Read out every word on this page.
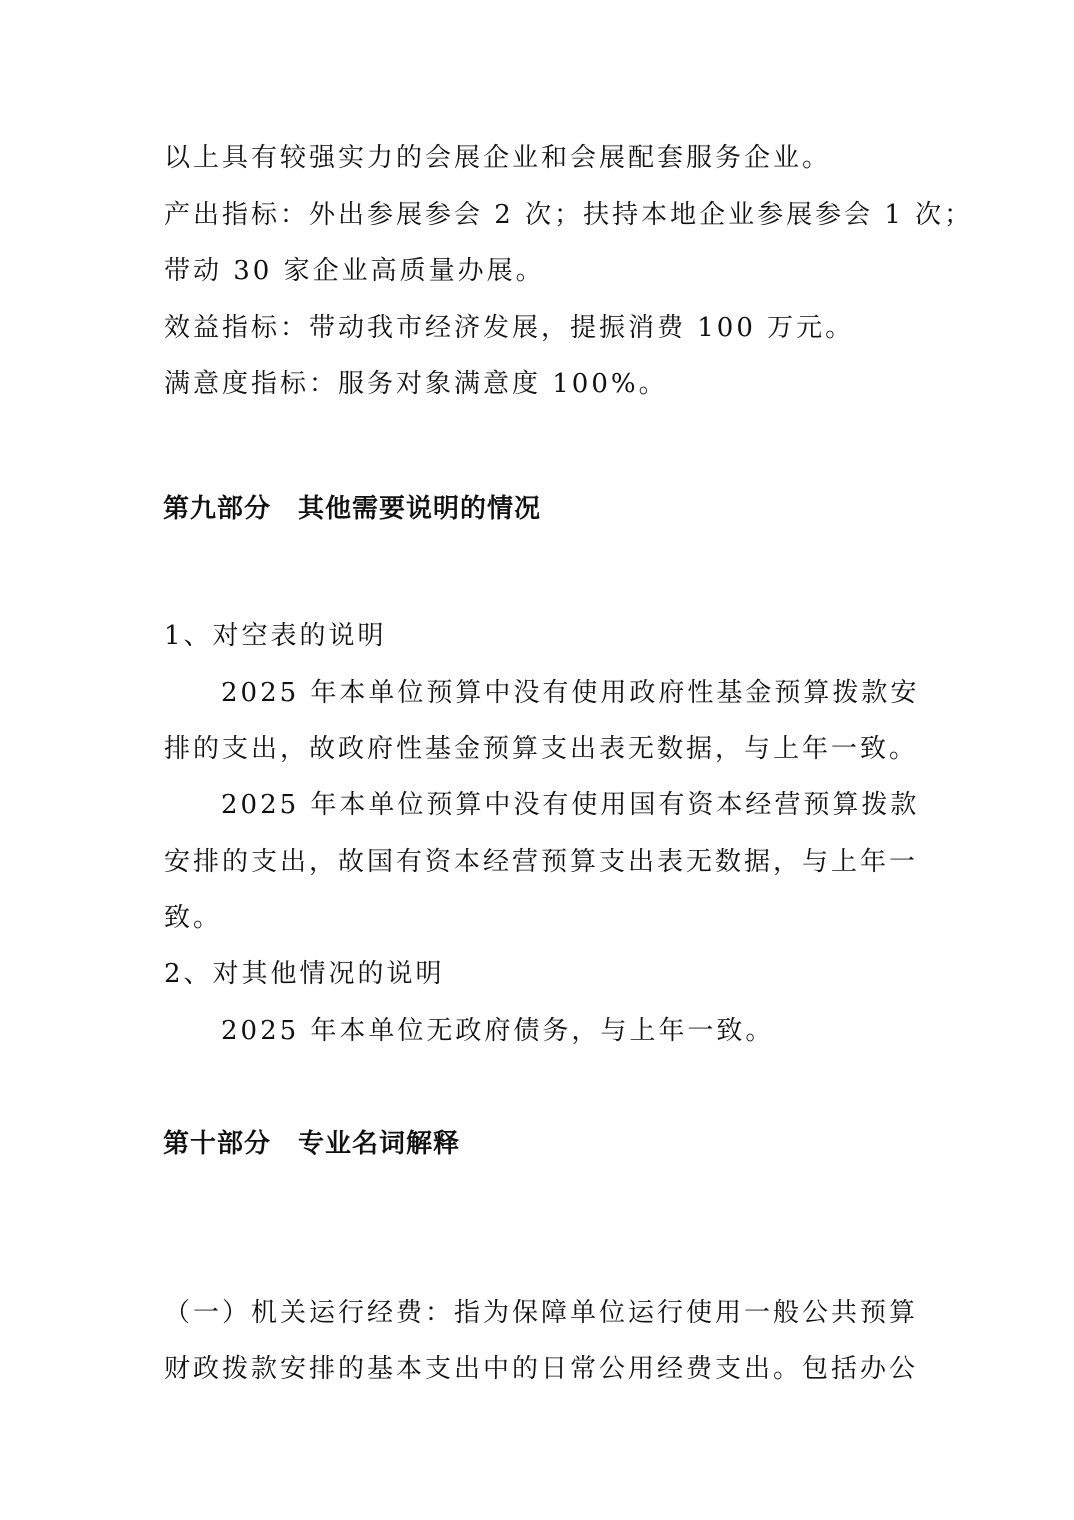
以上具有较强实力的会展企业和会展配套服务企业。
产出指标：外出参展参会 2 次；扶持本地企业参展参会 1 次；
带动 30 家企业高质量办展。
效益指标：带动我市经济发展，提振消费 100 万元。
满意度指标：服务对象满意度 100%。
第九部分　其他需要说明的情况
1、对空表的说明
2025 年本单位预算中没有使用政府性基金预算拨款安
排的支出，故政府性基金预算支出表无数据，与上年一致。
2025 年本单位预算中没有使用国有资本经营预算拨款
安排的支出，故国有资本经营预算支出表无数据，与上年一
致。
2、对其他情况的说明
2025 年本单位无政府债务，与上年一致。
第十部分　专业名词解释
（一）机关运行经费：指为保障单位运行使用一般公共预算
财政拨款安排的基本支出中的日常公用经费支出。包括办公
